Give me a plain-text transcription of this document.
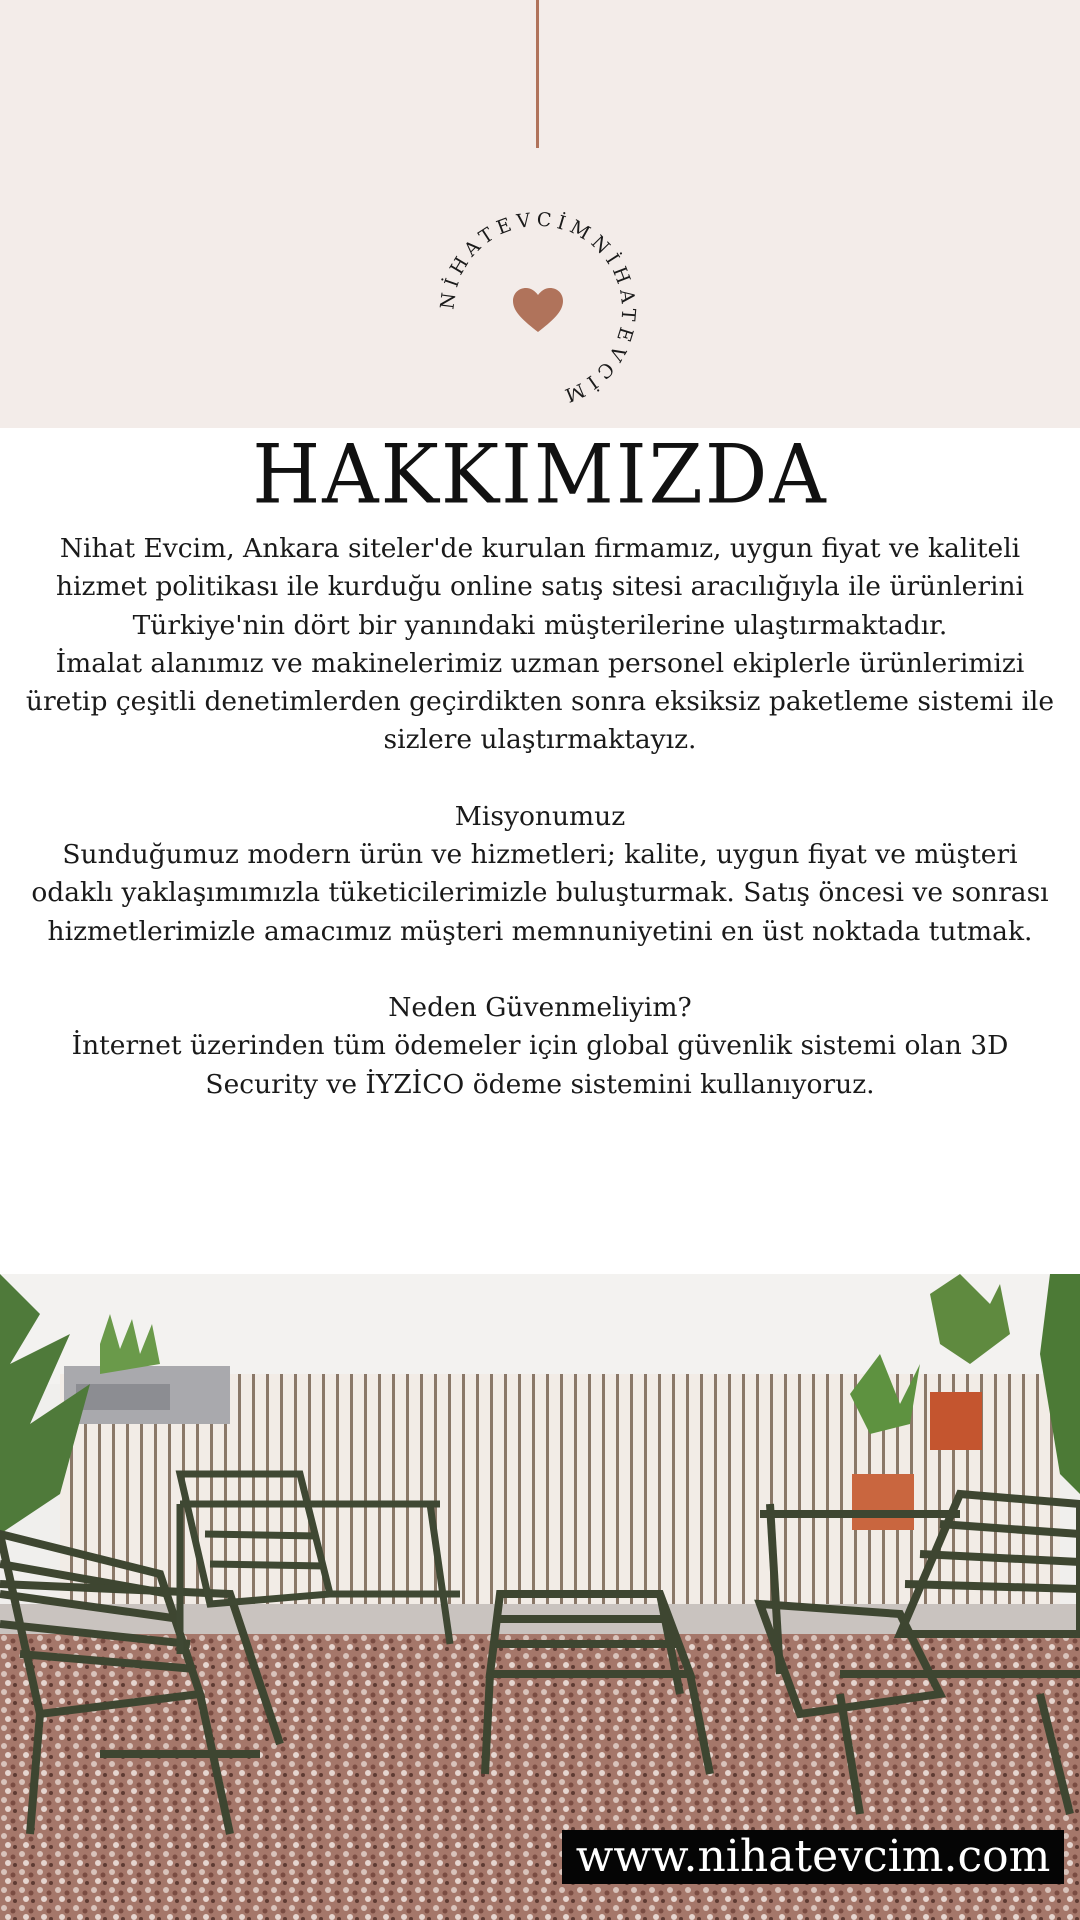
NİHATEVCİMNİHATEVCİM
HAKKIMIZDA

Nihat Evcim, Ankara siteler'de kurulan firmamız, uygun fiyat ve kaliteli hizmet politikası ile kurduğu online satış sitesi aracılığıyla ile ürünlerini Türkiye'nin dört bir yanındaki müşterilerine ulaştırmaktadır.

İmalat alanımız ve makinelerimiz uzman personel ekiplerle ürünlerimizi üretip çeşitli denetimlerden geçirdikten sonra eksiksiz paketleme sistemi ile sizlere ulaştırmaktayız.

Misyonumuz

Sunduğumuz modern ürün ve hizmetleri; kalite, uygun fiyat ve müşteri odaklı yaklaşımımızla tüketicilerimizle buluşturmak. Satış öncesi ve sonrası hizmetlerimizle amacımız müşteri memnuniyetini en üst noktada tutmak.

Neden Güvenmeliyim?

İnternet üzerinden tüm ödemeler için global güvenlik sistemi olan 3D Security ve İYZİCO ödeme sistemini kullanıyoruz.

www.nihatevcim.com
